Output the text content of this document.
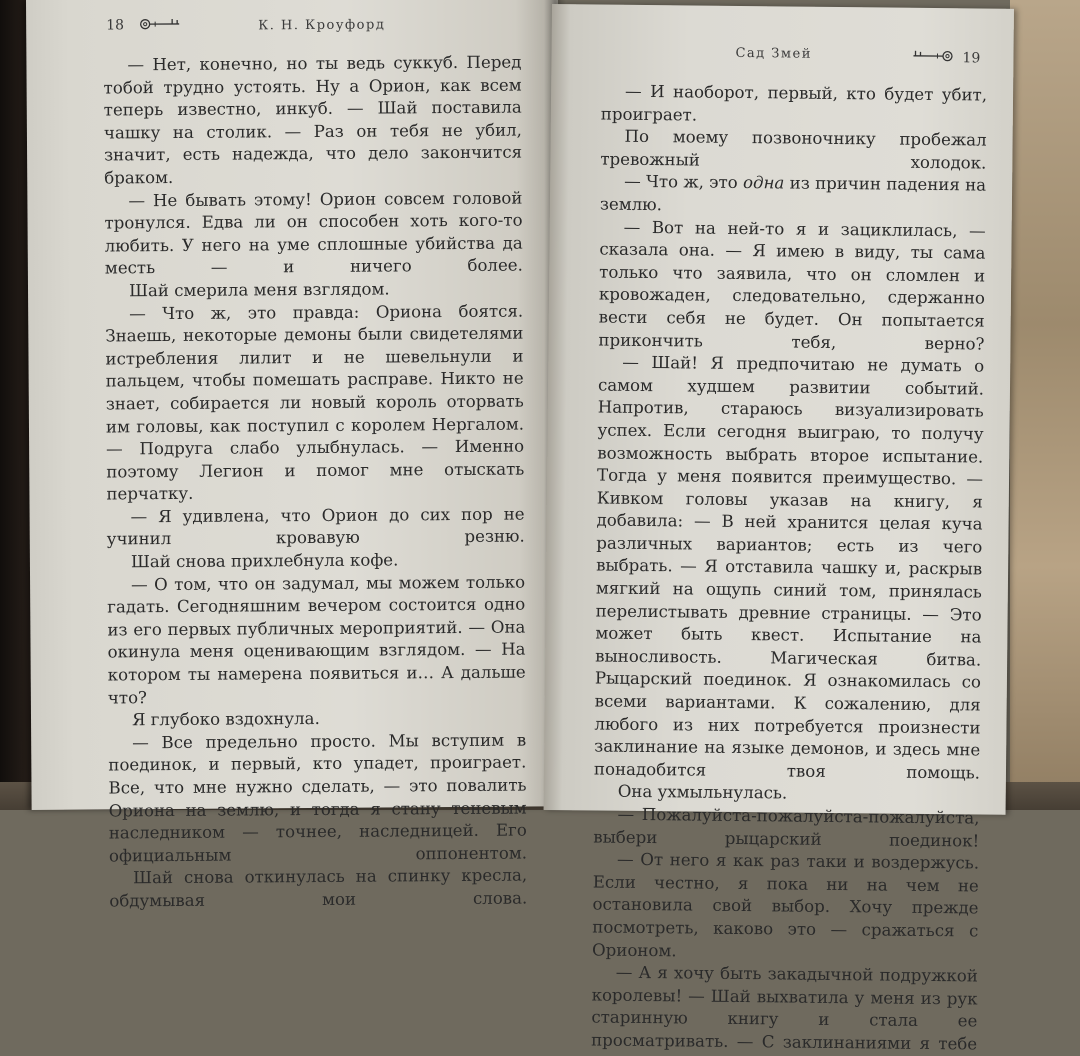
18	К. Н. Кроуфорд

— Нет, конечно, но ты ведь суккуб. Перед тобой трудно устоять. Ну а Орион, как всем теперь известно, инкуб. — Шай поставила чашку на столик. — Раз он тебя не убил, значит, есть надежда, что дело закончится браком.

— Не бывать этому! Орион совсем головой тронулся. Едва ли он способен хоть кого-то любить. У него на уме сплошные убийства да месть — и ничего более.

Шай смерила меня взглядом.

— Что ж, это правда: Ориона боятся. Знаешь, некоторые демоны были свидетелями истребления лилит и не шевельнули и пальцем, чтобы помешать расправе. Никто не знает, собирается ли новый король оторвать им головы, как поступил с королем Нергалом. — Подруга слабо улыбнулась. — Именно поэтому Легион и помог мне отыскать перчатку.

— Я удивлена, что Орион до сих пор не учинил кровавую резню.

Шай снова прихлебнула кофе.

— О том, что он задумал, мы можем только гадать. Сегодняшним вечером состоится одно из его первых публичных мероприятий. — Она окинула меня оценивающим взглядом. — На котором ты намерена появиться и… А дальше что?

Я глубоко вздохнула.

— Все предельно просто. Мы вступим в поединок, и первый, кто упадет, проиграет. Все, что мне нужно сделать, — это повалить Ориона на землю, и тогда я стану теневым наследником — точнее, наследницей. Его официальным оппонентом.

Шай снова откинулась на спинку кресла, обдумывая мои слова.

Сад Змей	19

— И наоборот, первый, кто будет убит, проиграет.

По моему позвоночнику пробежал тревожный холодок.

— Что ж, это одна из причин падения на землю.

— Вот на ней-то я и зациклилась, — сказала она. — Я имею в виду, ты сама только что заявила, что он сломлен и кровожаден, следовательно, сдержанно вести себя не будет. Он попытается прикончить тебя, верно?

— Шай! Я предпочитаю не думать о самом худшем развитии событий. Напротив, стараюсь визуализировать успех. Если сегодня выиграю, то получу возможность выбрать второе испытание. Тогда у меня появится преимущество. — Кивком головы указав на книгу, я добавила: — В ней хранится целая куча различных вариантов; есть из чего выбрать. — Я отставила чашку и, раскрыв мягкий на ощупь синий том, принялась перелистывать древние страницы. — Это может быть квест. Испытание на выносливость. Магическая битва. Рыцарский поединок. Я ознакомилась со всеми вариантами. К сожалению, для любого из них потребуется произнести заклинание на языке демонов, и здесь мне понадобится твоя помощь.

Она ухмыльнулась.

— Пожалуйста-пожалуйста-пожалуйста, выбери рыцарский поединок!

— От него я как раз таки и воздержусь. Если честно, я пока ни на чем не остановила свой выбор. Хочу прежде посмотреть, каково это — сражаться с Орионом.

— А я хочу быть закадычной подружкой королевы! — Шай выхватила у меня из рук старинную книгу и стала ее просматривать. — С заклинаниями я тебе
